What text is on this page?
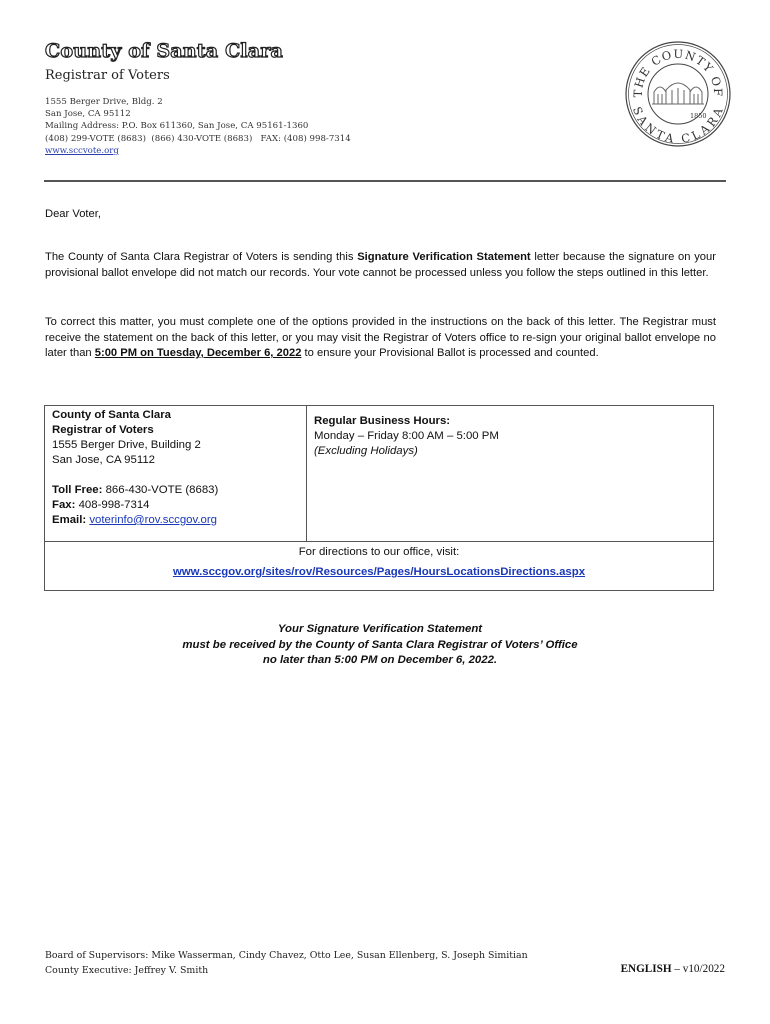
County of Santa Clara
Registrar of Voters
1555 Berger Drive, Bldg. 2
San Jose, CA 95112
Mailing Address: P.O. Box 611360, San Jose, CA 95161-1360
(408) 299-VOTE (8683)  (866) 430-VOTE (8683)   FAX: (408) 998-7314
www.sccvote.org
THE COUNTY OF
SANTA CLARA
1850
Dear Voter,
The County of Santa Clara Registrar of Voters is sending this Signature Verification Statement letter because the signature on your provisional ballot envelope did not match our records. Your vote cannot be processed unless you follow the steps outlined in this letter.
To correct this matter, you must complete one of the options provided in the instructions on the back of this letter. The Registrar must receive the statement on the back of this letter, or you may visit the Registrar of Voters office to re-sign your original ballot envelope no later than 5:00 PM on Tuesday, December 6, 2022 to ensure your Provisional Ballot is processed and counted.
County of Santa Clara
Registrar of Voters
1555 Berger Drive, Building 2
San Jose, CA 95112
Toll Free: 866-430-VOTE (8683)
Fax: 408-998-7314
Email: voterinfo@rov.sccgov.org
Regular Business Hours:
Monday – Friday 8:00 AM – 5:00 PM
(Excluding Holidays)
For directions to our office, visit:
www.sccgov.org/sites/rov/Resources/Pages/HoursLocationsDirections.aspx
Your Signature Verification Statement
must be received by the County of Santa Clara Registrar of Voters’ Office
no later than 5:00 PM on December 6, 2022.
Board of Supervisors: Mike Wasserman, Cindy Chavez, Otto Lee, Susan Ellenberg, S. Joseph Simitian
County Executive: Jeffrey V. Smith	ENGLISH – v10/2022
